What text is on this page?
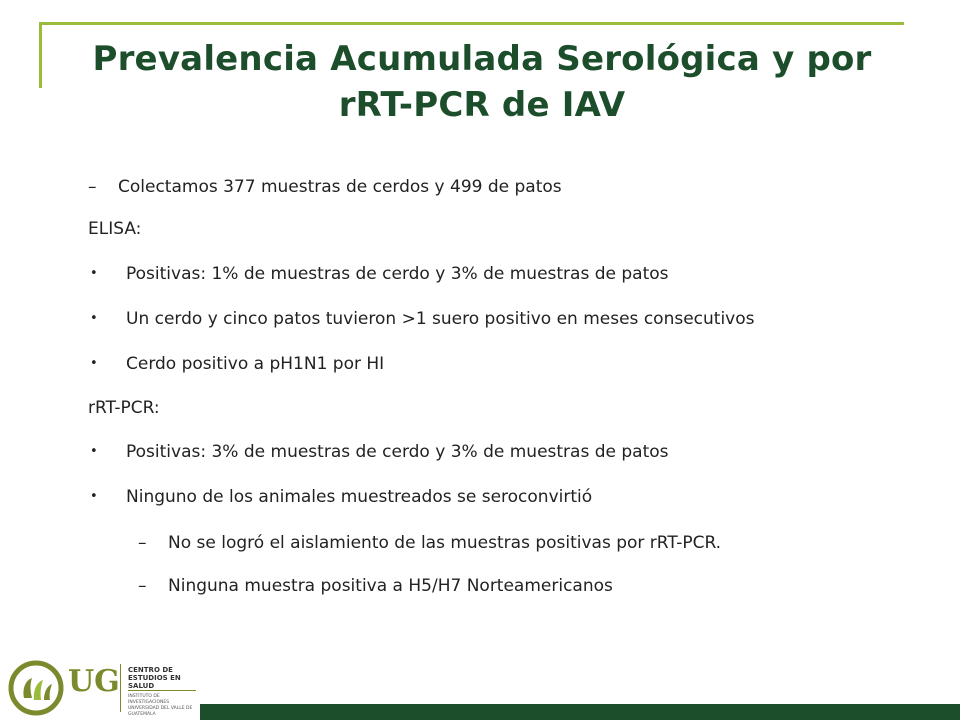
Prevalencia Acumulada Serológica y por
rRT-PCR de IAV
– Colectamos 377 muestras de cerdos y 499 de patos
ELISA:
• Positivas: 1% de muestras de cerdo y 3% de muestras de patos
• Un cerdo y cinco patos tuvieron >1 suero positivo en meses consecutivos
• Cerdo positivo a pH1N1 por HI
rRT-PCR:
• Positivas: 3% de muestras de cerdo y 3% de muestras de patos
• Ninguno de los animales muestreados se seroconvirtió
– No se logró el aislamiento de las muestras positivas por rRT-PCR.
– Ninguna muestra positiva a H5/H7 Norteamericanos
UG CENTRO DE
ESTUDIOS EN SALUD
INSTITUTO DE INVESTIGACIONES
UNIVERSIDAD DEL VALLE DE GUATEMALA
